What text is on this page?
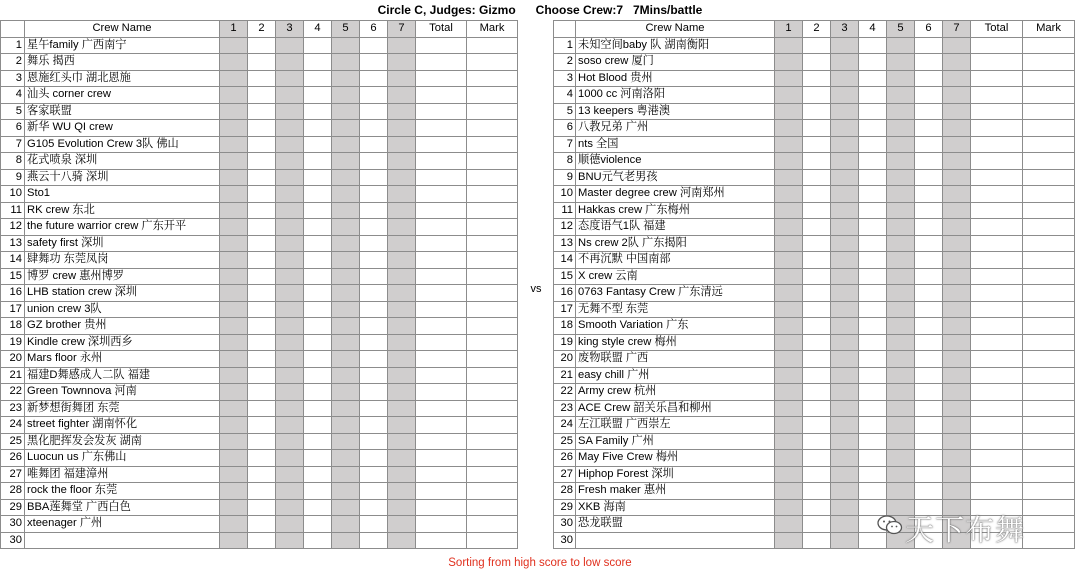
Circle C, Judges: Gizmo      Choose Crew:7   7Mins/battle
	Crew Name	1	2	3	4	5	6	7	Total	Mark
1	星午family 广西南宁									
2	舞乐 揭西									
3	恩施红头巾 湖北恩施									
4	汕头 corner crew									
5	客家联盟									
6	新华 WU QI crew									
7	G105 Evolution Crew 3队 佛山									
8	花式喷泉 深圳									
9	燕云十八骑 深圳									
10	Sto1									
11	RK crew 东北									
12	the future warrior crew 广东开平									
13	safety first 深圳									
14	肆舞功 东莞凤岗									
15	博罗 crew 惠州博罗									
16	LHB station crew 深圳									
17	union crew 3队									
18	GZ brother 贵州									
19	Kindle crew 深圳西乡									
20	Mars floor 永州									
21	福建D舞感成人二队 福建									
22	Green Townnova 河南									
23	新梦想街舞团 东莞									
24	street fighter 湖南怀化									
25	黑化肥挥发会发灰 湖南									
26	Luocun us 广东佛山									
27	唯舞团 福建漳州									
28	rock the floor 东莞									
29	BBA莲舞堂 广西白色									
30	xteenager 广州									
30										
vs
	Crew Name	1	2	3	4	5	6	7	Total	Mark
1	未知空间baby 队 湖南衡阳									
2	soso crew 厦门									
3	Hot Blood 贵州									
4	1000 cc 河南洛阳									
5	13 keepers 粤港澳									
6	八教兄弟 广州									
7	nts 全国									
8	顺德violence									
9	BNU元气老男孩									
10	Master degree crew 河南郑州									
11	Hakkas crew 广东梅州									
12	态度语气1队 福建									
13	Ns crew 2队 广东揭阳									
14	不再沉默 中国南部									
15	X crew 云南									
16	0763 Fantasy Crew 广东清远									
17	无舞不型 东莞									
18	Smooth Variation 广东									
19	king style crew 梅州									
20	废物联盟 广西									
21	easy chill 广州									
22	Army crew 杭州									
23	ACE Crew 韶关乐昌和柳州									
24	左江联盟 广西崇左									
25	SA Family 广州									
26	May Five Crew 梅州									
27	Hiphop Forest 深圳									
28	Fresh maker 惠州									
29	XKB 海南									
30	恐龙联盟									
30										
Sorting from high score to low score
天下布舞
